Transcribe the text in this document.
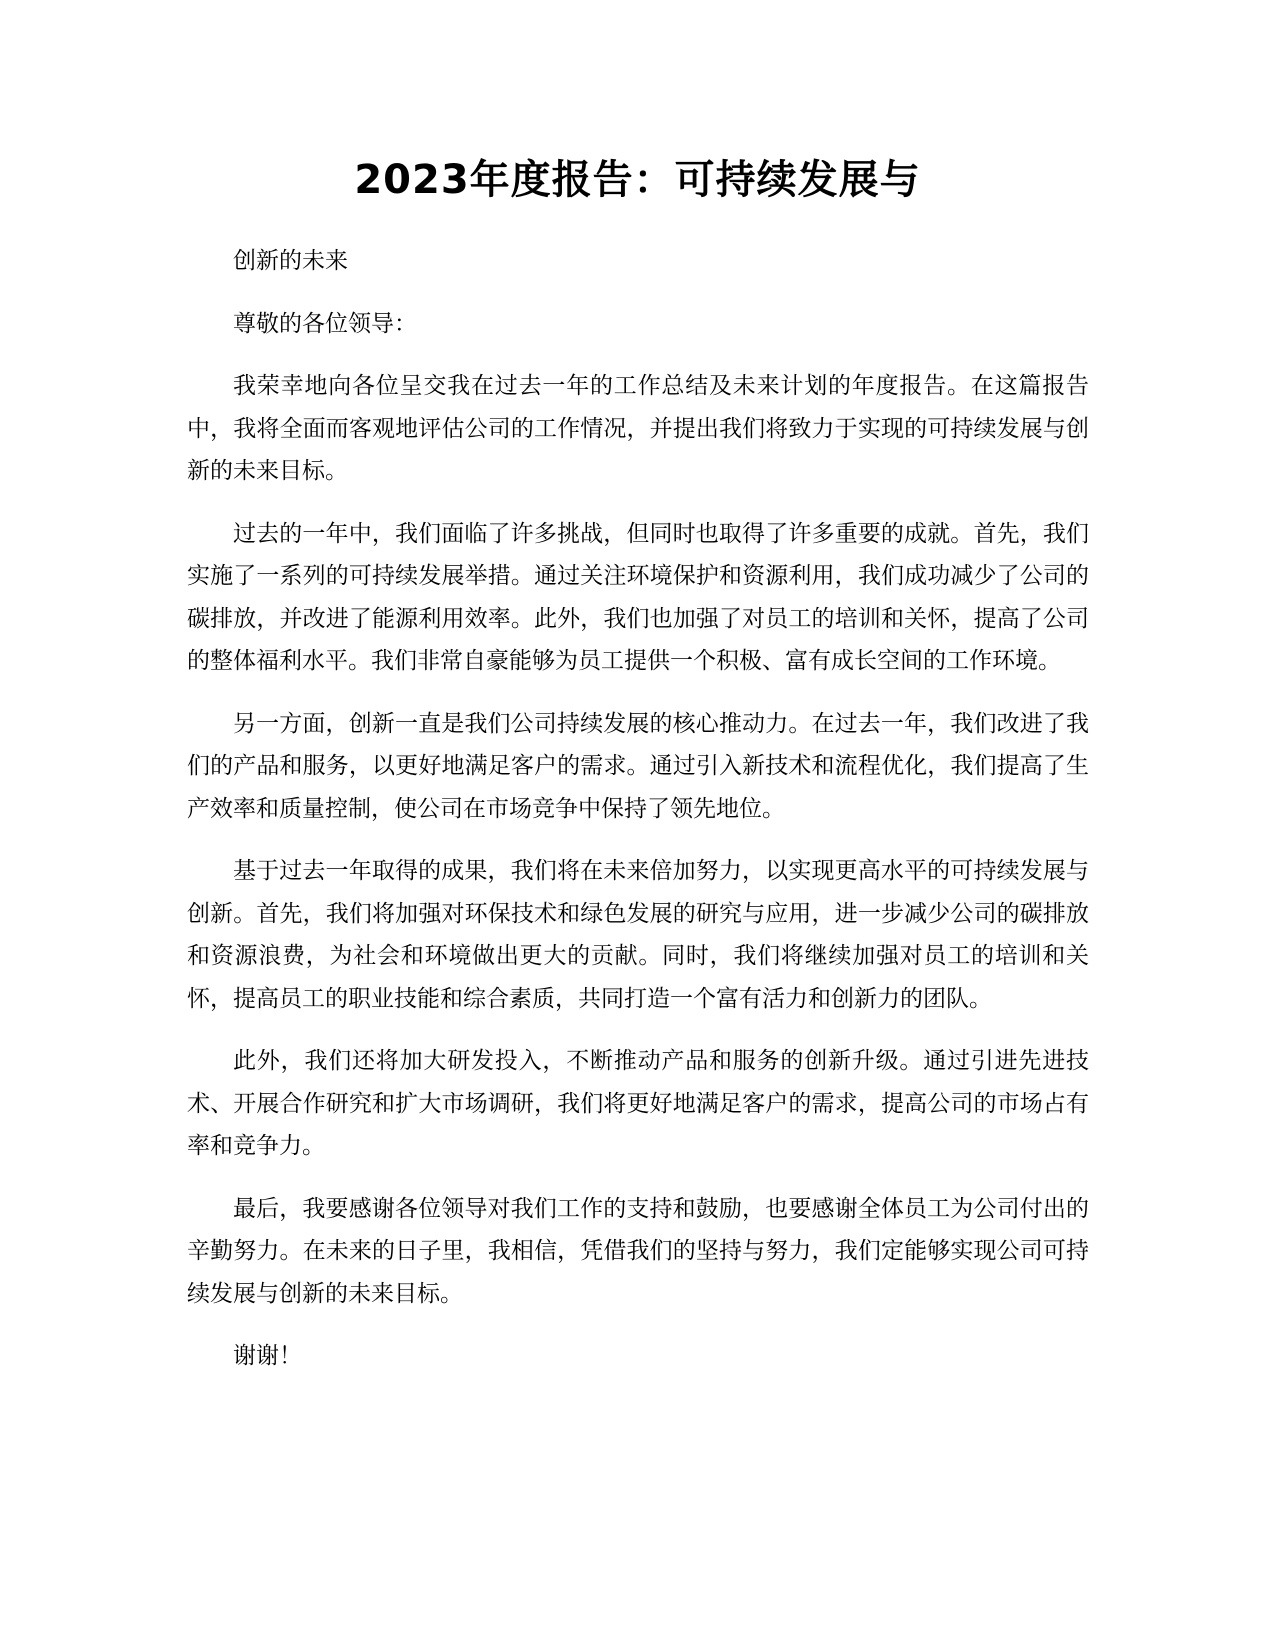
2023年度报告：可持续发展与

创新的未来

尊敬的各位领导：

我荣幸地向各位呈交我在过去一年的工作总结及未来计划的年度报告。在这篇报告中，我将全面而客观地评估公司的工作情况，并提出我们将致力于实现的可持续发展与创新的未来目标。

过去的一年中，我们面临了许多挑战，但同时也取得了许多重要的成就。首先，我们实施了一系列的可持续发展举措。通过关注环境保护和资源利用，我们成功减少了公司的碳排放，并改进了能源利用效率。此外，我们也加强了对员工的培训和关怀，提高了公司的整体福利水平。我们非常自豪能够为员工提供一个积极、富有成长空间的工作环境。

另一方面，创新一直是我们公司持续发展的核心推动力。在过去一年，我们改进了我们的产品和服务，以更好地满足客户的需求。通过引入新技术和流程优化，我们提高了生产效率和质量控制，使公司在市场竞争中保持了领先地位。

基于过去一年取得的成果，我们将在未来倍加努力，以实现更高水平的可持续发展与创新。首先，我们将加强对环保技术和绿色发展的研究与应用，进一步减少公司的碳排放和资源浪费，为社会和环境做出更大的贡献。同时，我们将继续加强对员工的培训和关怀，提高员工的职业技能和综合素质，共同打造一个富有活力和创新力的团队。

此外，我们还将加大研发投入，不断推动产品和服务的创新升级。通过引进先进技术、开展合作研究和扩大市场调研，我们将更好地满足客户的需求，提高公司的市场占有率和竞争力。

最后，我要感谢各位领导对我们工作的支持和鼓励，也要感谢全体员工为公司付出的辛勤努力。在未来的日子里，我相信，凭借我们的坚持与努力，我们定能够实现公司可持续发展与创新的未来目标。

谢谢！
